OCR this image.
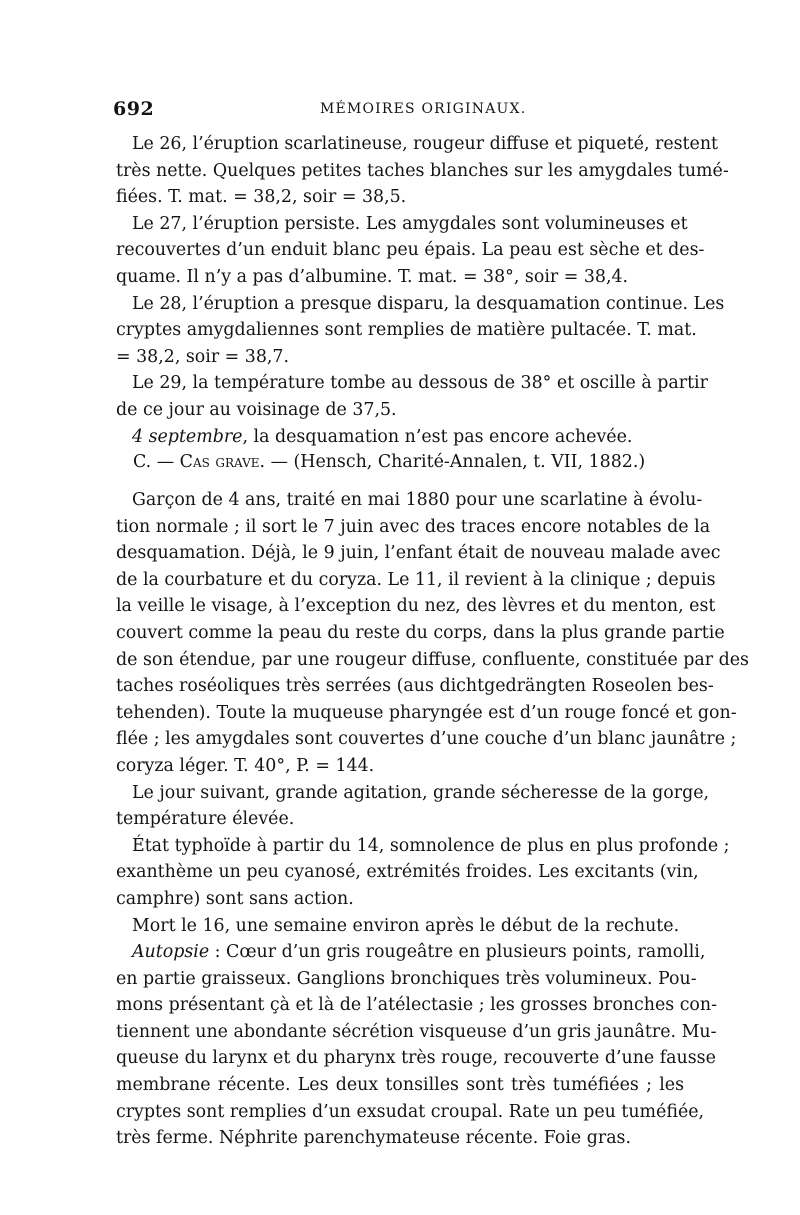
692	MÉMOIRES ORIGINAUX.
Le 26, l’éruption scarlatineuse, rougeur diffuse et piqueté, restent
très nette. Quelques petites taches blanches sur les amygdales tumé-
fiées. T. mat. = 38,2, soir = 38,5.
Le 27, l’éruption persiste. Les amygdales sont volumineuses et
recouvertes d’un enduit blanc peu épais. La peau est sèche et des-
quame. Il n’y a pas d’albumine. T. mat. = 38°, soir = 38,4.
Le 28, l’éruption a presque disparu, la desquamation continue. Les
cryptes amygdaliennes sont remplies de matière pultacée. T. mat.
= 38,2, soir = 38,7.
Le 29, la température tombe au dessous de 38° et oscille à partir
de ce jour au voisinage de 37,5.
4 septembre, la desquamation n’est pas encore achevée.
C. — Cas grave. — (Hensch, Charité-Annalen, t. VII, 1882.)
Garçon de 4 ans, traité en mai 1880 pour une scarlatine à évolu-
tion normale ; il sort le 7 juin avec des traces encore notables de la
desquamation. Déjà, le 9 juin, l’enfant était de nouveau malade avec
de la courbature et du coryza. Le 11, il revient à la clinique ; depuis
la veille le visage, à l’exception du nez, des lèvres et du menton, est
couvert comme la peau du reste du corps, dans la plus grande partie
de son étendue, par une rougeur diffuse, confluente, constituée par des
taches roséoliques très serrées (aus dichtgedrängten Roseolen bes-
tehenden). Toute la muqueuse pharyngée est d’un rouge foncé et gon-
flée ; les amygdales sont couvertes d’une couche d’un blanc jaunâtre ;
coryza léger. T. 40°, P. = 144.
Le jour suivant, grande agitation, grande sécheresse de la gorge,
température élevée.
État typhoïde à partir du 14, somnolence de plus en plus profonde ;
exanthème un peu cyanosé, extrémités froides. Les excitants (vin,
camphre) sont sans action.
Mort le 16, une semaine environ après le début de la rechute.
Autopsie : Cœur d’un gris rougeâtre en plusieurs points, ramolli,
en partie graisseux. Ganglions bronchiques très volumineux. Pou-
mons présentant çà et là de l’atélectasie ; les grosses bronches con-
tiennent une abondante sécrétion visqueuse d’un gris jaunâtre. Mu-
queuse du larynx et du pharynx très rouge, recouverte d’une fausse
membrane récente. Les deux tonsilles sont très tuméfiées ; les
cryptes sont remplies d’un exsudat croupal. Rate un peu tuméfiée,
très ferme. Néphrite parenchymateuse récente. Foie gras.
